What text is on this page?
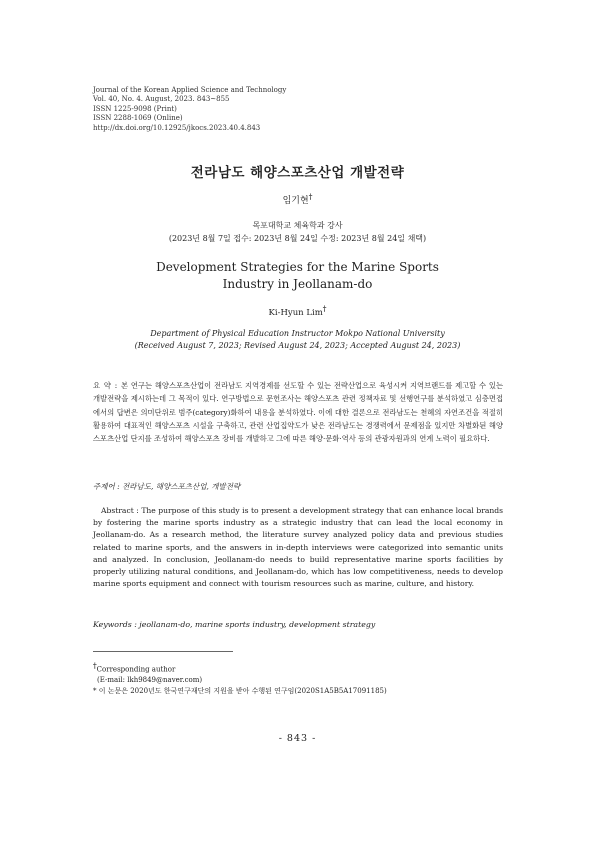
Journal of the Korean Applied Science and Technology
Vol. 40, No. 4. August, 2023. 843~855
ISSN 1225-9098 (Print)
ISSN 2288-1069 (Online)
http://dx.doi.org/10.12925/jkocs.2023.40.4.843
전라남도 해양스포츠산업 개발전략
임기현†
목포대학교 체육학과 강사
(2023년 8월 7일 접수: 2023년 8월 24일 수정: 2023년 8월 24일 채택)
Development Strategies for the Marine Sports Industry in Jeollanam-do
Ki-Hyun Lim†
Department of Physical Education Instructor Mokpo National University
(Received August 7, 2023; Revised August 24, 2023; Accepted August 24, 2023)
요 약 : 본 연구는 해양스포츠산업이 전라남도 지역경제를 선도할 수 있는 전략산업으로 육성시켜 지역브랜드를 제고할 수 있는 개발전략을 제시하는데 그 목적이 있다. 연구방법으로 문헌조사는 해양스포츠 관련 정책자료 및 선행연구를 분석하였고 심층면접에서의 답변은 의미단위로 범주(category)화하여 내용을 분석하였다. 이에 대한 결론으로 전라남도는 천혜의 자연조건을 적절히 활용하여 대표적인 해양스포츠 시설을 구축하고, 관련 산업집약도가 낮은 전라남도는 경쟁력에서 문제점을 있지만 차별화된 해양스포츠산업 단지를 조성하여 해양스포츠 장비를 개발하고 그에 따른 해양·문화·역사 등의 관광자원과의 연계 노력이 필요하다.
주제어 : 전라남도, 해양스포츠산업, 개발전략
Abstract : The purpose of this study is to present a development strategy that can enhance local brands by fostering the marine sports industry as a strategic industry that can lead the local economy in Jeollanam-do. As a research method, the literature survey analyzed policy data and previous studies related to marine sports, and the answers in in-depth interviews were categorized into semantic units and analyzed. In conclusion, Jeollanam-do needs to build representative marine sports facilities by properly utilizing natural conditions, and Jeollanam-do, which has low competitiveness, needs to develop marine sports equipment and connect with tourism resources such as marine, culture, and history.
Keywords : jeollanam-do, marine sports industry, development strategy
†Corresponding author
(E-mail: lkh9849@naver.com)
* 이 논문은 2020년도 한국연구재단의 지원을 받아 수행된 연구임(2020S1A5B5A17091185)
- 843 -
